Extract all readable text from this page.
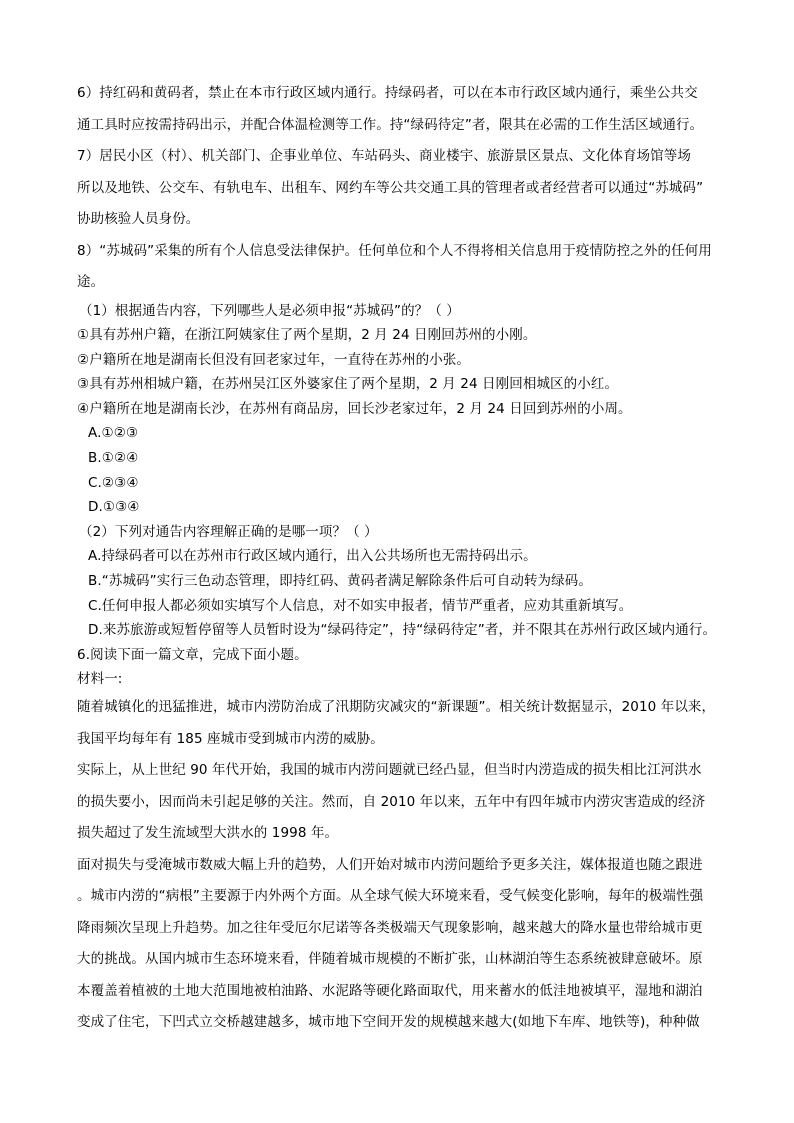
6）持红码和黄码者，禁止在本市行政区域内通行。持绿码者，可以在本市行政区域内通行，乘坐公共交

通工具时应按需持码出示，并配合体温检测等工作。持“绿码待定”者，限其在必需的工作生活区域通行。

7）居民小区（村）、机关部门、企事业单位、车站码头、商业楼宇、旅游景区景点、文化体育场馆等场

所以及地铁、公交车、有轨电车、出租车、网约车等公共交通工具的管理者或者经营者可以通过“苏城码”

协助核验人员身份。

8）“苏城码”采集的所有个人信息受法律保护。任何单位和个人不得将相关信息用于疫情防控之外的任何用

途。

（1）根据通告内容，下列哪些人是必须申报“苏城码”的？（ ）

①具有苏州户籍，在浙江阿姨家住了两个星期，2 月 24 日刚回苏州的小刚。

②户籍所在地是湖南长但没有回老家过年，一直待在苏州的小张。

③具有苏州相城户籍，在苏州吴江区外婆家住了两个星期，2 月 24 日刚回相城区的小红。

④户籍所在地是湖南长沙，在苏州有商品房，回长沙老家过年，2 月 24 日回到苏州的小周。

A.①②③

B.①②④

C.②③④

D.①③④

（2）下列对通告内容理解正确的是哪一项？（ ）

A.持绿码者可以在苏州市行政区域内通行，出入公共场所也无需持码出示。

B.“苏城码”实行三色动态管理，即持红码、黄码者满足解除条件后可自动转为绿码。

C.任何申报人都必须如实填写个人信息，对不如实申报者，情节严重者，应劝其重新填写。

D.来苏旅游或短暂停留等人员暂时设为“绿码待定”，持“绿码待定”者，并不限其在苏州行政区域内通行。

6.阅读下面一篇文章，完成下面小题。

材料一:

随着城镇化的迅猛推进，城市内涝防治成了汛期防灾减灾的“新课题”。相关统计数据显示，2010 年以来，

我国平均每年有 185 座城市受到城市内涝的威胁。

实际上，从上世纪 90 年代开始，我国的城市内涝问题就已经凸显，但当时内涝造成的损失相比江河洪水

的损失要小，因而尚未引起足够的关注。然而，自 2010 年以来，五年中有四年城市内涝灾害造成的经济

损失超过了发生流域型大洪水的 1998 年。

面对损失与受淹城市数威大幅上升的趋势，人们开始对城市内涝问题给予更多关注，媒体报道也随之跟进

。城市内涝的“病根”主要源于内外两个方面。从全球气候大环境来看，受气候变化影响，每年的极端性强

降雨频次呈现上升趋势。加之往年受厄尔尼诺等各类极端天气现象影响，越来越大的降水量也带给城市更

大的挑战。从国内城市生态环境来看，伴随着城市规模的不断扩张，山林湖泊等生态系统被肆意破坏。原

本覆盖着植被的土地大范围地被柏油路、水泥路等硬化路面取代，用来蓄水的低洼地被填平，湿地和湖泊

变成了住宅，下凹式立交桥越建越多，城市地下空间开发的规模越来越大(如地下车库、地铁等)，种种做
